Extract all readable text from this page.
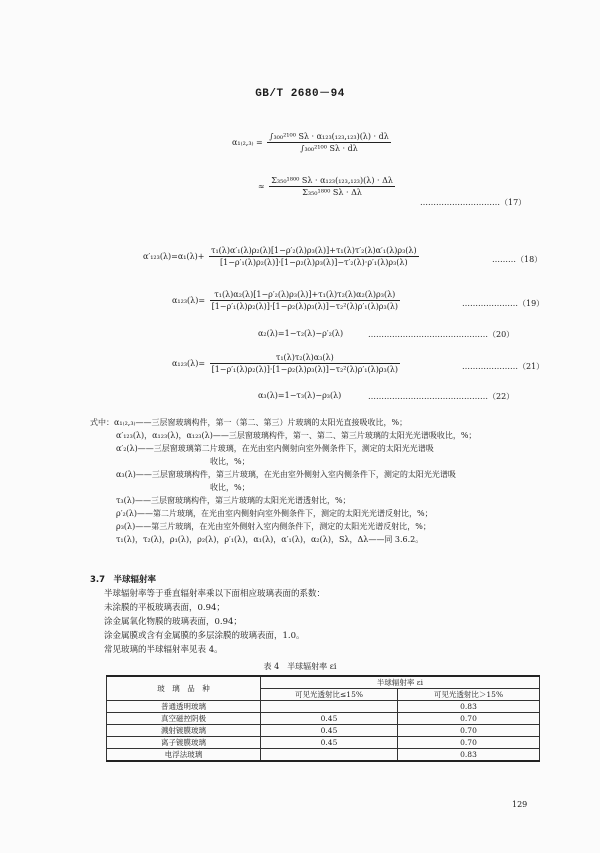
GB/T 2680－94
$\alpha_{1(2},_{3)} = \frac{\text{∫₃₀₀²¹⁰⁰ Sλ · α₁₂₃(₁₂₃,₁₂₃)(λ) · dλ}}{\text{∫₃₀₀²¹⁰⁰ Sλ · dλ}}$
≈ $\frac{\text{Σ₃₅₀¹⁸⁰⁰ Sλ · α₁₂₃(₁₂₃,₁₂₃)(λ) · Δλ}}{\text{Σ₃₅₀¹⁸⁰⁰ Sλ · Δλ}}$
…………………………（17）
$\alpha'_{123}(\lambda)=\alpha_1(\lambda)+ \frac{\text{τ₁(λ)α′₁(λ)ρ₂(λ)[1−ρ′₂(λ)ρ₃(λ)]+τ₁(λ)τ′₂(λ)α′₁(λ)ρ₃(λ)}}{\text{[1−ρ′₁(λ)ρ₂(λ)]·[1−ρ₂(λ)ρ₃(λ)]−τ′₂(λ)·ρ′₁(λ)ρ₃(λ)}}$	………（18）
$\alpha_{123}(\lambda)= \frac{\text{τ₁(λ)α₂(λ)[1−ρ′₂(λ)ρ₃(λ)]+τ₁(λ)τ₂(λ)α₂(λ)ρ₃(λ)}}{\text{[1−ρ′₁(λ)ρ₂(λ)]·[1−ρ₂(λ)ρ₃(λ)]−τ₂²(λ)ρ′₁(λ)ρ₃(λ)}}$	…………………（19）
α₂(λ)=1−τ₂(λ)−ρ′₂(λ)	………………………………………（20）
$\alpha_{123}(\lambda)= \frac{\text{τ₁(λ)τ₂(λ)α₃(λ)}}{\text{[1−ρ′₁(λ)ρ₂(λ)]·[1−ρ₂(λ)ρ₃(λ)]−τ₂²(λ)ρ′₁(λ)ρ₃(λ)}}$	…………………（21）
α₃(λ)=1−τ₃(λ)−ρ₃(λ)	………………………………………（22）
式中：α₁₍₂,₃₎——三层窗玻璃构件，第一（第二、第三）片玻璃的太阳光直接吸收比，%；
α′₁₂₃(λ)，α₁₂₃(λ)，α₁₂₃(λ)——三层窗玻璃构件，第一、第二、第三片玻璃的太阳光光谱吸收比，%；
α′₂(λ)——三层窗玻璃第二片玻璃，在光由室内侧射向室外侧条件下，测定的太阳光光谱吸
收比，%；
α₃(λ)——三层窗玻璃构件，第三片玻璃，在光由室外侧射入室内侧条件下，测定的太阳光光谱吸
收比，%；
τ₃(λ)——三层窗玻璃构件，第三片玻璃的太阳光光谱透射比，%；
ρ′₂(λ)——第二片玻璃，在光由室内侧射向室外侧条件下，测定的太阳光光谱反射比，%；
ρ₃(λ)——第三片玻璃，在光由室外侧射入室内侧条件下，测定的太阳光光谱反射比，%；
τ₁(λ)，τ₂(λ)，ρ₁(λ)，ρ₂(λ)，ρ′₁(λ)，α₁(λ)，α′₁(λ)，α₂(λ)，Sλ，Δλ——同 3.6.2。
3.7　半球辐射率
半球辐射率等于垂直辐射率乘以下面相应玻璃表面的系数：
未涂膜的平板玻璃表面，0.94；
涂金属氧化物膜的玻璃表面，0.94；
涂金属膜或含有金属膜的多层涂膜的玻璃表面，1.0。
常见玻璃的半球辐射率见表 4。
表 4　半球辐射率 εi
玻　璃　品　种	半球辐射率 εi	
	可见光透射比≤15%	可见光透射比＞15%
普通透明玻璃		0.83
真空磁控阴极	0.45	0.70
溅射镀膜玻璃	0.45	0.70
离子镀膜玻璃	0.45	0.70
电浮法玻璃		0.83
129
